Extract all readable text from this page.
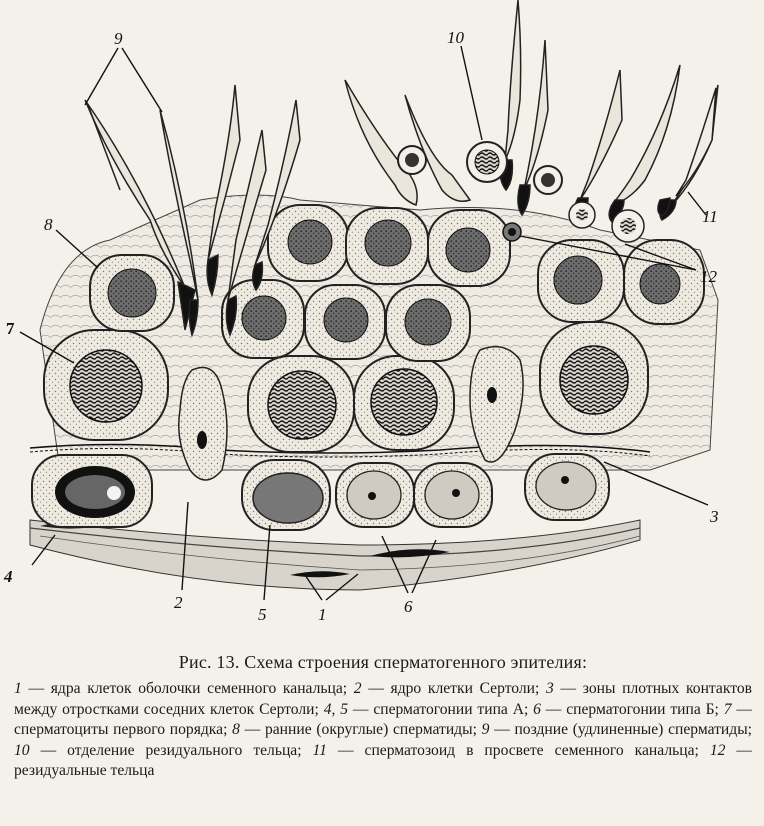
9	10
8
7
11
12
3
4
2
5	1	6

Рис. 13. Схема строения сперматогенного эпителия:

1 — ядра клеток оболочки семенного канальца; 2 — ядро клетки Сертоли; 3 — зоны плотных контактов между отростками соседних клеток Сертоли; 4, 5 — сперматогонии типа А; 6 — сперматогонии типа Б; 7 — сперматоциты первого порядка; 8 — ранние (округлые) сперматиды; 9 — поздние (удлиненные) сперматиды; 10 — отделение резидуального тельца; 11 — сперматозоид в просвете семенного канальца; 12 — резидуальные тельца
